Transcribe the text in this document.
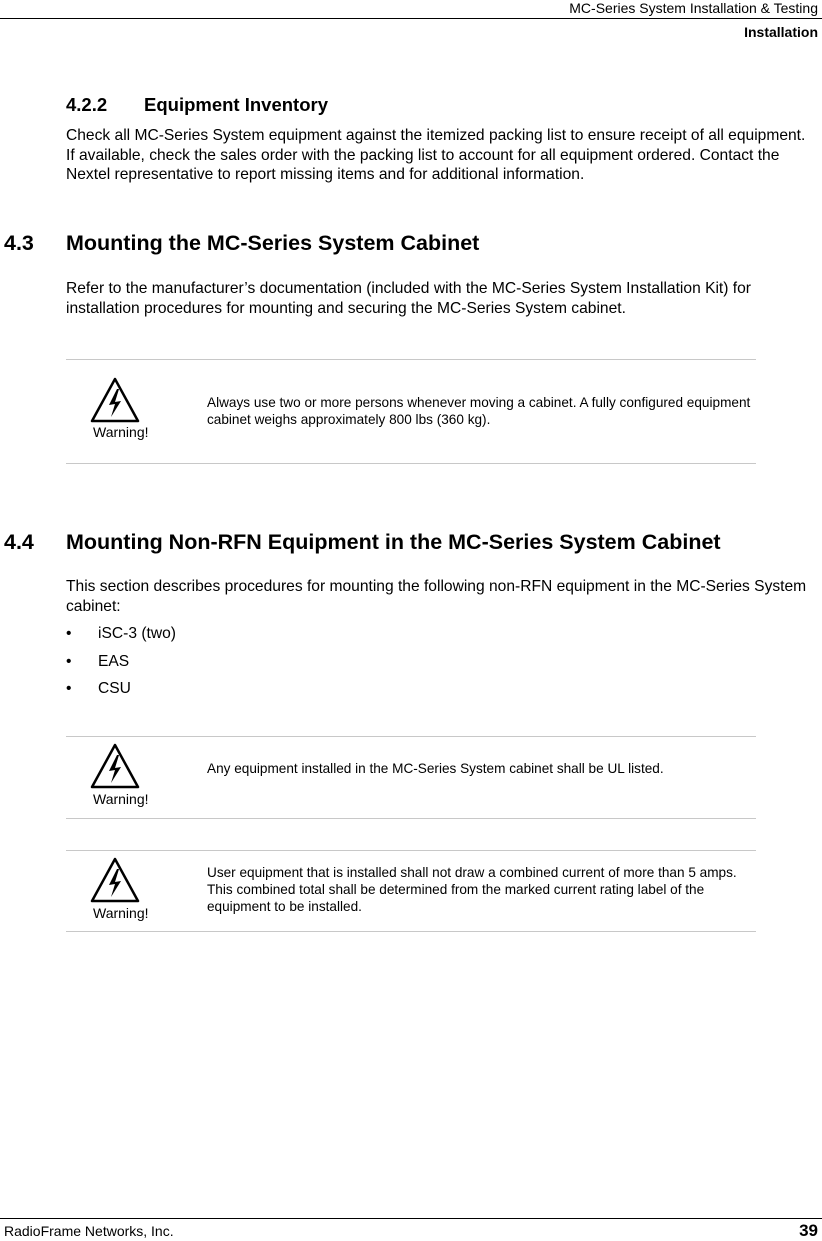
MC-Series System Installation & Testing
Installation
4.2.2 Equipment Inventory
Check all MC-Series System equipment against the itemized packing list to ensure receipt of all equipment. If available, check the sales order with the packing list to account for all equipment ordered. Contact the Nextel representative to report missing items and for additional information.
4.3 Mounting the MC-Series System Cabinet
Refer to the manufacturer’s documentation (included with the MC-Series System Installation Kit) for installation procedures for mounting and securing the MC-Series System cabinet.
Warning!
Always use two or more persons whenever moving a cabinet. A fully configured equipment cabinet weighs approximately 800 lbs (360 kg).
4.4 Mounting Non-RFN Equipment in the MC-Series System Cabinet
This section describes procedures for mounting the following non-RFN equipment in the MC-Series System cabinet:
• iSC-3 (two)
• EAS
• CSU
Warning!
Any equipment installed in the MC-Series System cabinet shall be UL listed.
Warning!
User equipment that is installed shall not draw a combined current of more than 5 amps. This combined total shall be determined from the marked current rating label of the equipment to be installed.
RadioFrame Networks, Inc.	39
